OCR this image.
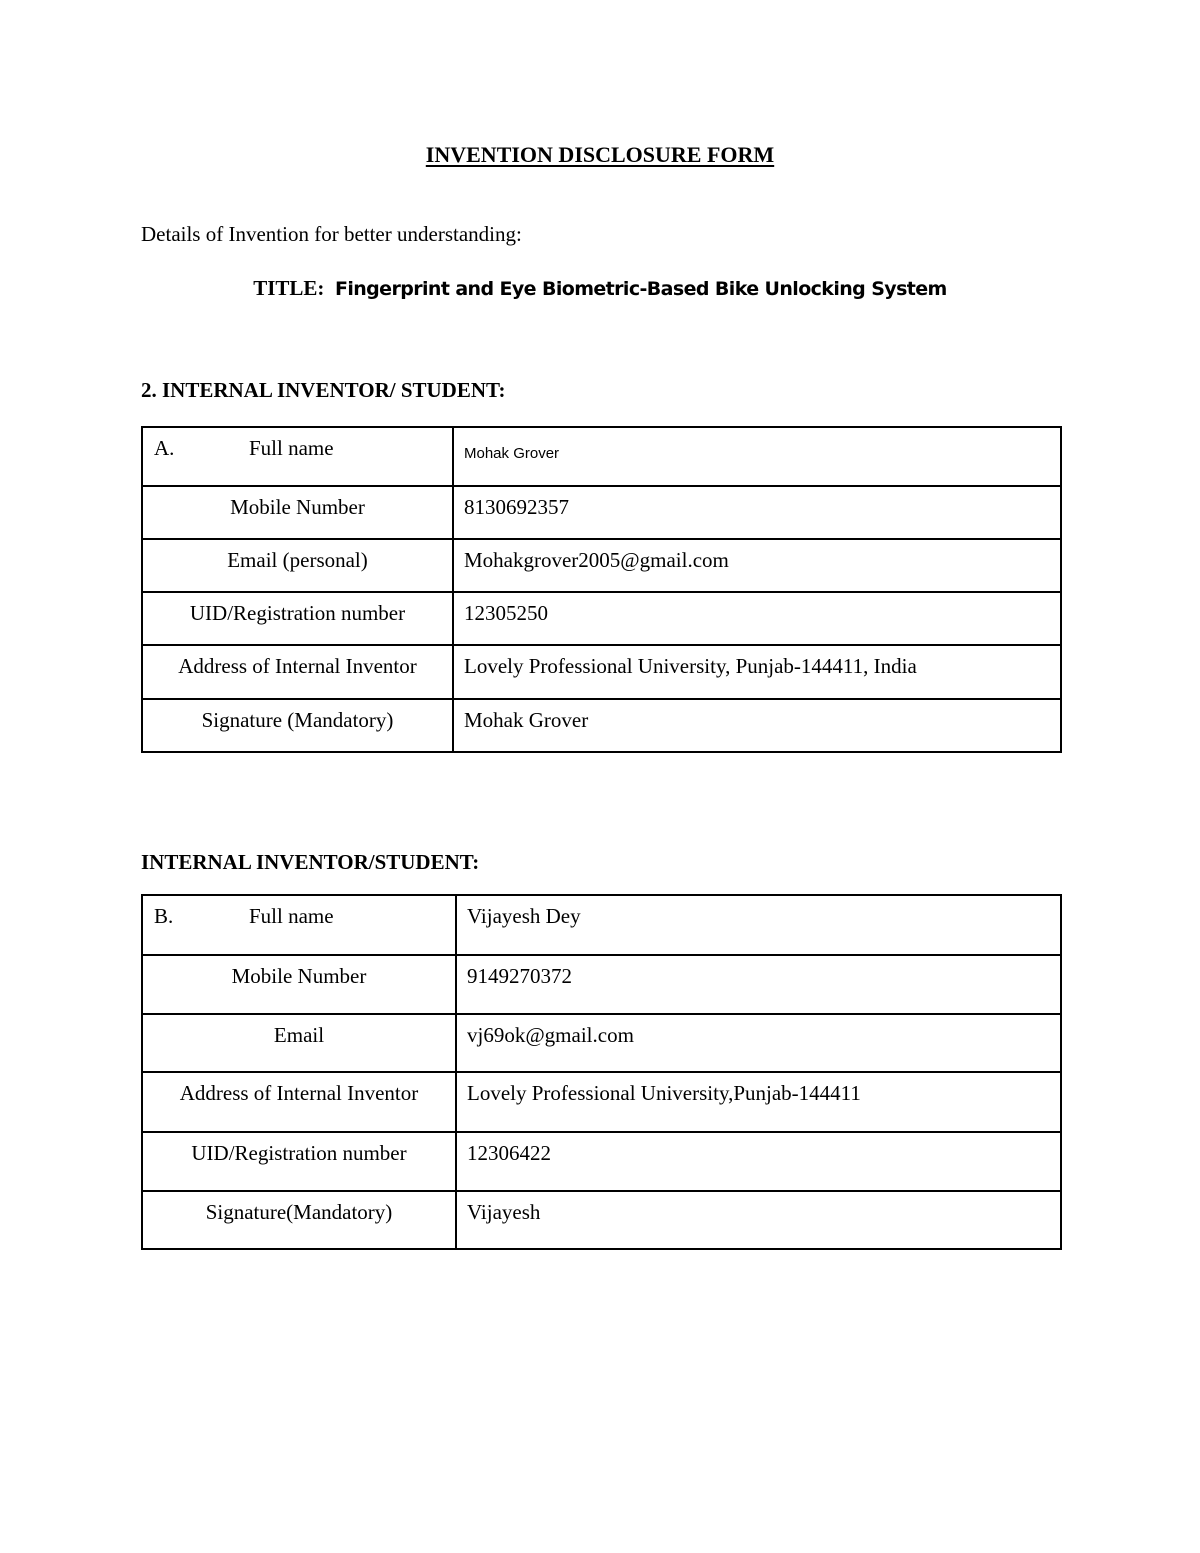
INVENTION DISCLOSURE FORM
Details of Invention for better understanding:
TITLE: Fingerprint and Eye Biometric-Based Bike Unlocking System
2. INTERNAL INVENTOR/ STUDENT:
A. Full name	Mohak Grover
Mobile Number	8130692357
Email (personal)	Mohakgrover2005@gmail.com
UID/Registration number	12305250
Address of Internal Inventor	Lovely Professional University, Punjab-144411, India
Signature (Mandatory)	Mohak Grover
INTERNAL INVENTOR/STUDENT:
B. Full name	Vijayesh Dey
Mobile Number	9149270372
Email	vj69ok@gmail.com
Address of Internal Inventor	Lovely Professional University,Punjab-144411
UID/Registration number	12306422
Signature(Mandatory)	Vijayesh
